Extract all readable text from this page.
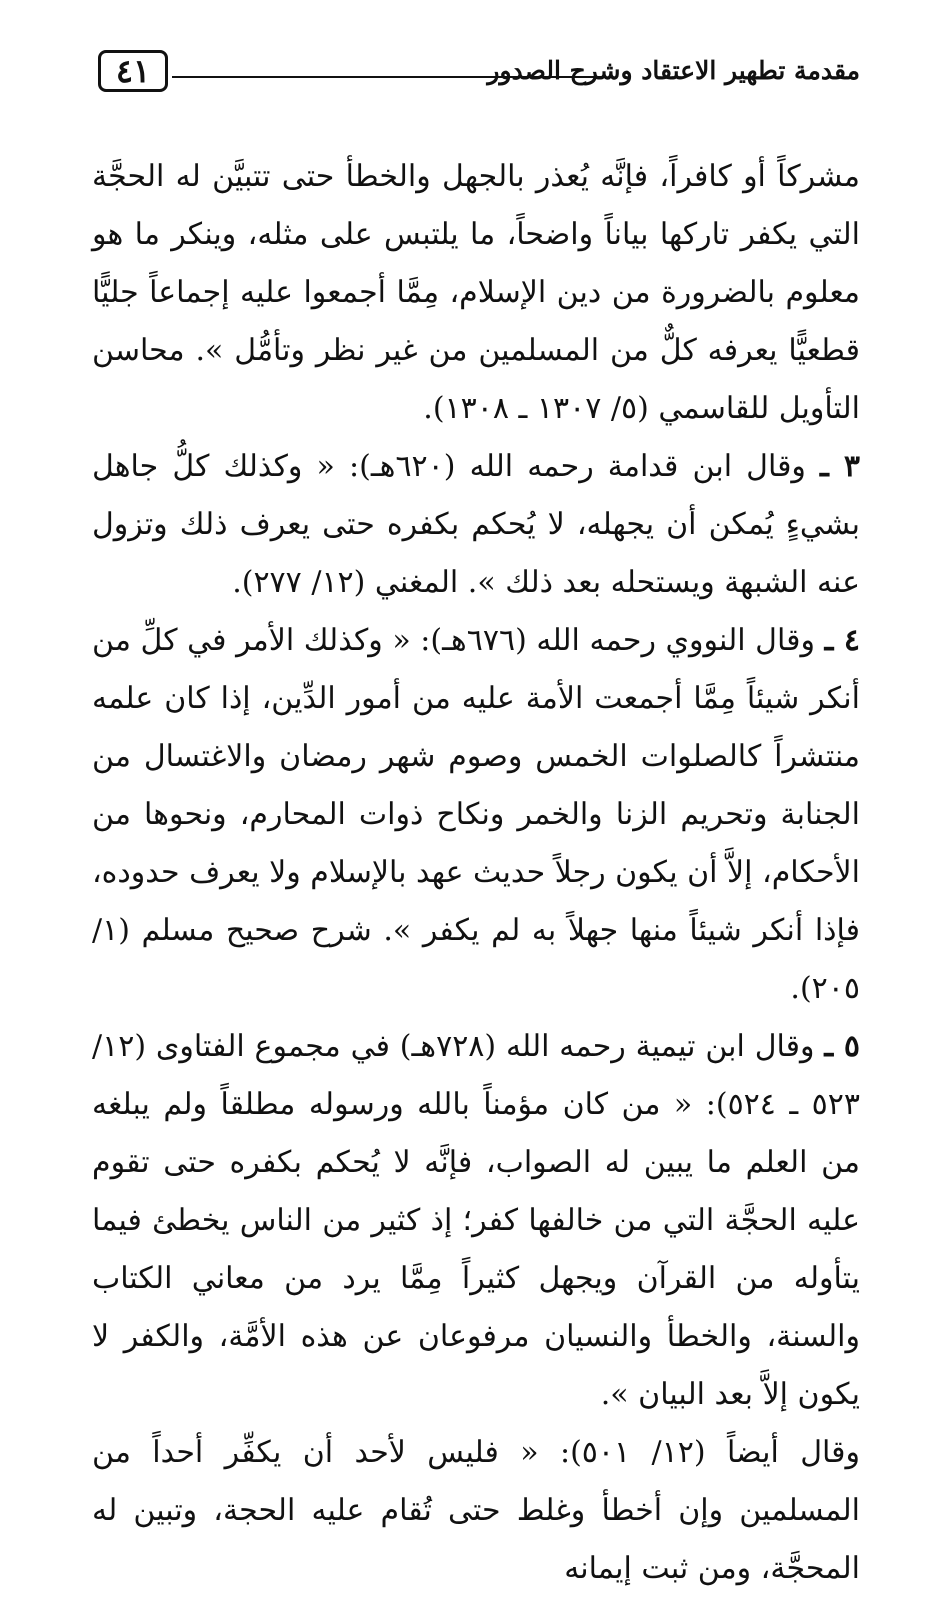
٤١	مقدمة تطهير الاعتقاد وشرح الصدور

مشركاً أو كافراً، فإنَّه يُعذر بالجهل والخطأ حتى تتبيَّن له الحجَّة التي يكفر تاركها بياناً واضحاً، ما يلتبس على مثله، وينكر ما هو معلوم بالضرورة من دين الإسلام، مِمَّا أجمعوا عليه إجماعاً جليًّا قطعيًّا يعرفه كلٌّ من المسلمين من غير نظر وتأمُّل ». محاسن التأويل للقاسمي (٥/ ١٣٠٧ ـ ١٣٠٨).

٣ ـ وقال ابن قدامة رحمه الله (٦٢٠هـ): « وكذلك كلُّ جاهل بشيءٍ يُمكن أن يجهله، لا يُحكم بكفره حتى يعرف ذلك وتزول عنه الشبهة ويستحله بعد ذلك ». المغني (١٢/ ٢٧٧).

٤ ـ وقال النووي رحمه الله (٦٧٦هـ): « وكذلك الأمر في كلِّ من أنكر شيئاً مِمَّا أجمعت الأمة عليه من أمور الدِّين، إذا كان علمه منتشراً كالصلوات الخمس وصوم شهر رمضان والاغتسال من الجنابة وتحريم الزنا والخمر ونكاح ذوات المحارم، ونحوها من الأحكام، إلاَّ أن يكون رجلاً حديث عهد بالإسلام ولا يعرف حدوده، فإذا أنكر شيئاً منها جهلاً به لم يكفر ». شرح صحيح مسلم (١/ ٢٠٥).

٥ ـ وقال ابن تيمية رحمه الله (٧٢٨هـ) في مجموع الفتاوى (١٢/ ٥٢٣ ـ ٥٢٤): « من كان مؤمناً بالله ورسوله مطلقاً ولم يبلغه من العلم ما يبين له الصواب، فإنَّه لا يُحكم بكفره حتى تقوم عليه الحجَّة التي من خالفها كفر؛ إذ كثير من الناس يخطئ فيما يتأوله من القرآن ويجهل كثيراً مِمَّا يرد من معاني الكتاب والسنة، والخطأ والنسيان مرفوعان عن هذه الأمَّة، والكفر لا يكون إلاَّ بعد البيان ».

وقال أيضاً (١٢/ ٥٠١): « فليس لأحد أن يكفِّر أحداً من المسلمين وإن أخطأ وغلط حتى تُقام عليه الحجة، وتبين له المحجَّة، ومن ثبت إيمانه
